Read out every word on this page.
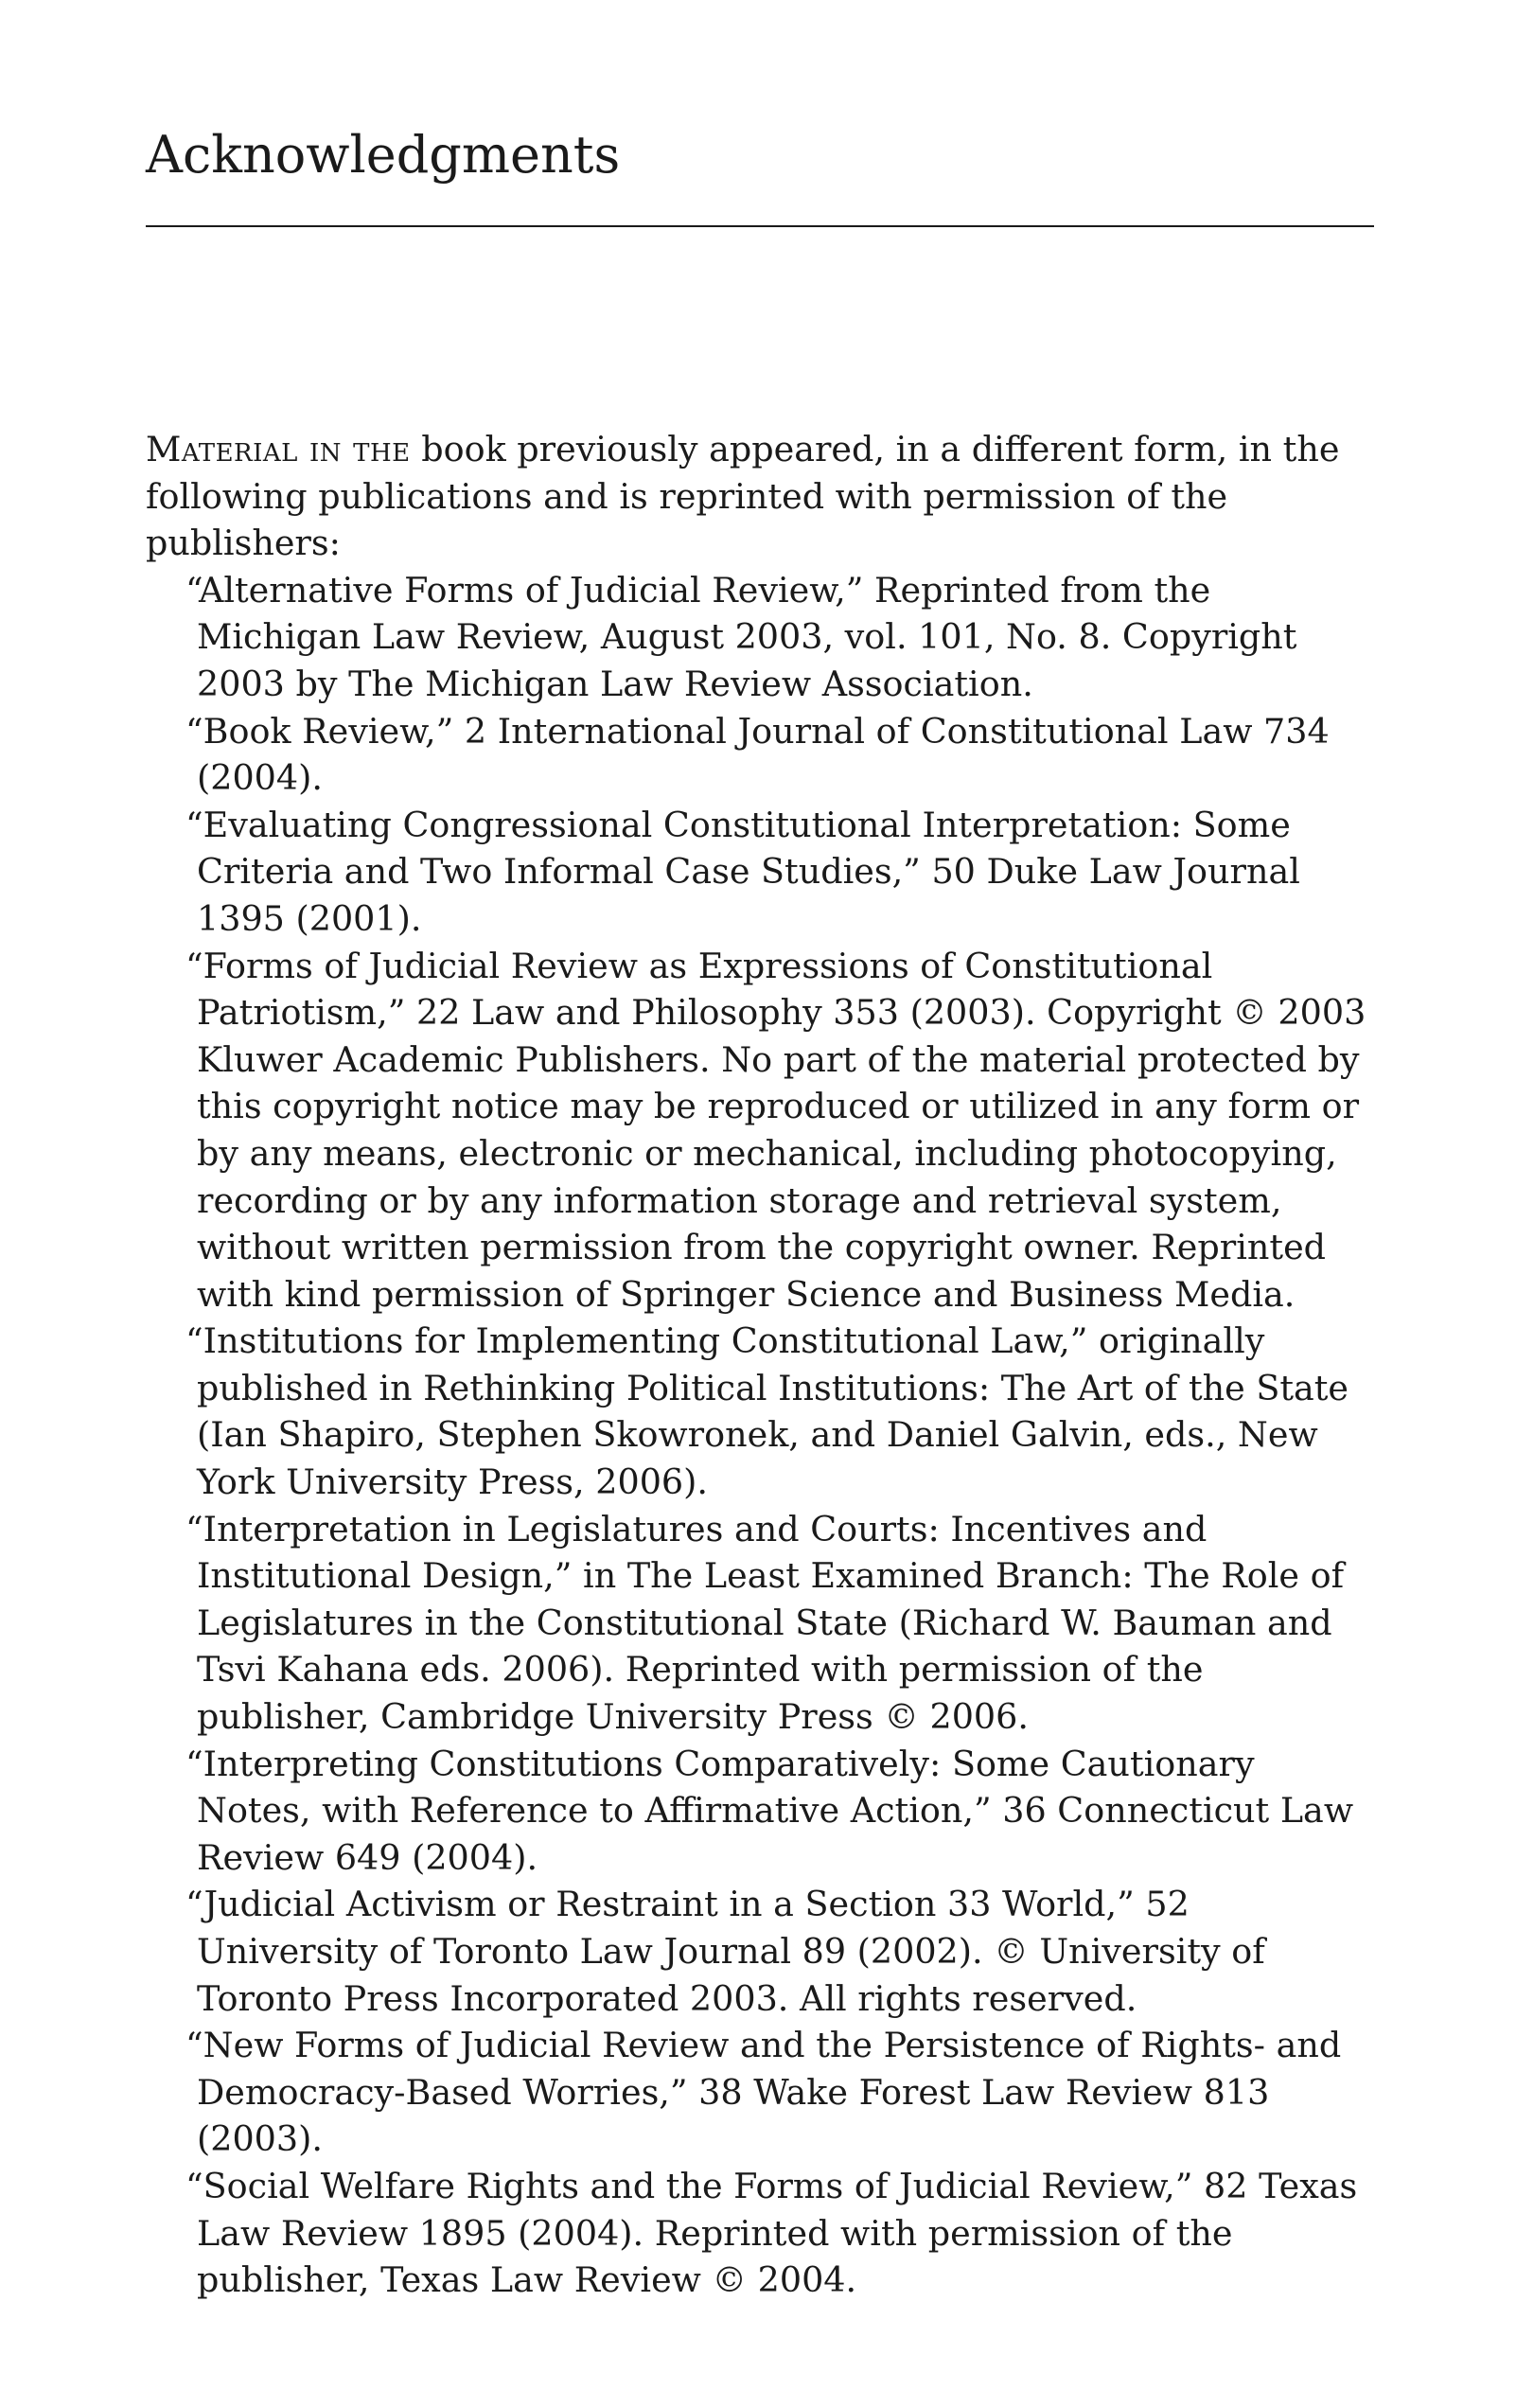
Acknowledgments

Material in the book previously appeared, in a different form, in the following publications and is reprinted with permission of the publishers:

“Alternative Forms of Judicial Review,” Reprinted from the Michigan Law Review, August 2003, vol. 101, No. 8. Copyright 2003 by The Michigan Law Review Association.
“Book Review,” 2 International Journal of Constitutional Law 734 (2004).
“Evaluating Congressional Constitutional Interpretation: Some Criteria and Two Informal Case Studies,” 50 Duke Law Journal 1395 (2001).
“Forms of Judicial Review as Expressions of Constitutional Patriotism,” 22 Law and Philosophy 353 (2003). Copyright © 2003 Kluwer Academic Publishers. No part of the material protected by this copyright notice may be reproduced or utilized in any form or by any means, electronic or mechanical, including photocopying, recording or by any information storage and retrieval system, without written permission from the copyright owner. Reprinted with kind permission of Springer Science and Business Media.
“Institutions for Implementing Constitutional Law,” originally published in Rethinking Political Institutions: The Art of the State (Ian Shapiro, Stephen Skowronek, and Daniel Galvin, eds., New York University Press, 2006).
“Interpretation in Legislatures and Courts: Incentives and Institutional Design,” in The Least Examined Branch: The Role of Legislatures in the Constitutional State (Richard W. Bauman and Tsvi Kahana eds. 2006). Reprinted with permission of the publisher, Cambridge University Press © 2006.
“Interpreting Constitutions Comparatively: Some Cautionary Notes, with Reference to Affirmative Action,” 36 Connecticut Law Review 649 (2004).
“Judicial Activism or Restraint in a Section 33 World,” 52 University of Toronto Law Journal 89 (2002). © University of Toronto Press Incorporated 2003. All rights reserved.
“New Forms of Judicial Review and the Persistence of Rights- and Democracy-Based Worries,” 38 Wake Forest Law Review 813 (2003).
“Social Welfare Rights and the Forms of Judicial Review,” 82 Texas Law Review 1895 (2004). Reprinted with permission of the publisher, Texas Law Review © 2004.
